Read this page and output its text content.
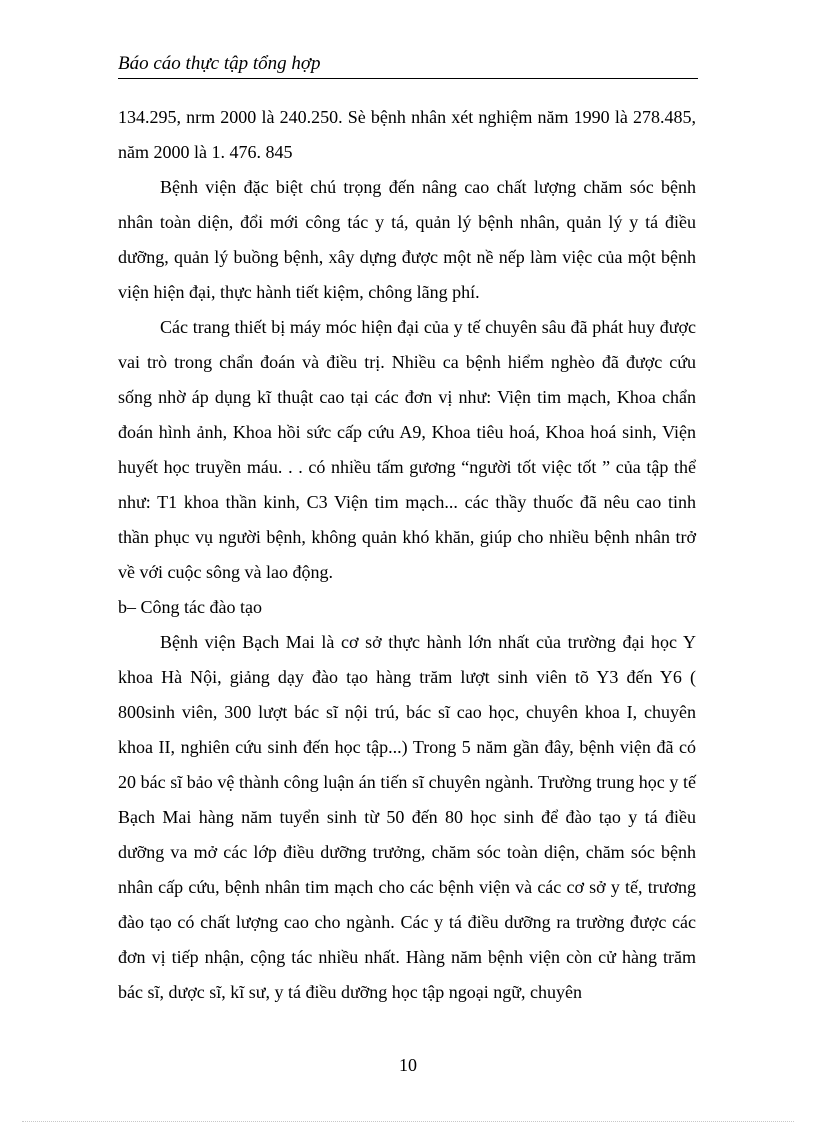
Báo cáo thực tập tổng hợp

134.295, nrm 2000 là 240.250. Sè bệnh nhân xét nghiệm năm 1990 là 278.485, năm 2000 là 1. 476. 845

Bệnh viện đặc biệt chú trọng đến nâng cao chất lượng chăm sóc bệnh nhân toàn diện, đổi mới công tác y tá, quản lý bệnh nhân, quản lý y tá điều dưỡng, quản lý buồng bệnh, xây dựng được một nề nếp làm việc của một bệnh viện hiện đại, thực hành tiết kiệm, chông lãng phí.

Các trang thiết bị máy móc hiện đại của y tế chuyên sâu đã phát huy được vai trò trong chẩn đoán và điều trị. Nhiều ca bệnh hiểm nghèo đã được cứu sống nhờ áp dụng kĩ thuật cao tại các đơn vị như: Viện tim mạch, Khoa chẩn đoán hình ảnh, Khoa hồi sức cấp cứu A9, Khoa tiêu hoá, Khoa hoá sinh, Viện huyết học truyền máu. . . có nhiều tấm gương “người tốt việc tốt ” của tập thể như: T1 khoa thần kinh, C3 Viện tim mạch... các thầy thuốc đã nêu cao tinh thần phục vụ người bệnh, không quản khó khăn, giúp cho nhiều bệnh nhân trở về với cuộc sông và lao động.

b– Công tác đào tạo

Bệnh viện Bạch Mai là cơ sở thực hành lớn nhất của trường đại học Y khoa Hà Nội, giảng dạy đào tạo hàng trăm lượt sinh viên tõ Y3 đến Y6 ( 800sinh viên, 300 lượt bác sĩ nội trú, bác sĩ cao học, chuyên khoa I, chuyên khoa II, nghiên cứu sinh đến học tập...) Trong 5 năm gần đây, bệnh viện đã có 20 bác sĩ bảo vệ thành công luận án tiến sĩ chuyên ngành. Trường trung học y tế Bạch Mai hàng năm tuyển sinh từ 50 đến 80 học sinh để đào tạo y tá điều dưỡng va mở các lớp điều dưỡng trưởng, chăm sóc toàn diện, chăm sóc bệnh nhân cấp cứu, bệnh nhân tim mạch cho các bệnh viện và các cơ sở y tế, trương đào tạo có chất lượng cao cho ngành. Các y tá điều dưỡng ra trường được các đơn vị tiếp nhận, cộng tác nhiều nhất. Hàng năm bệnh viện còn cử hàng trăm bác sĩ, dược sĩ, kĩ sư, y tá điều dưỡng học tập ngoại ngữ, chuyên

10
